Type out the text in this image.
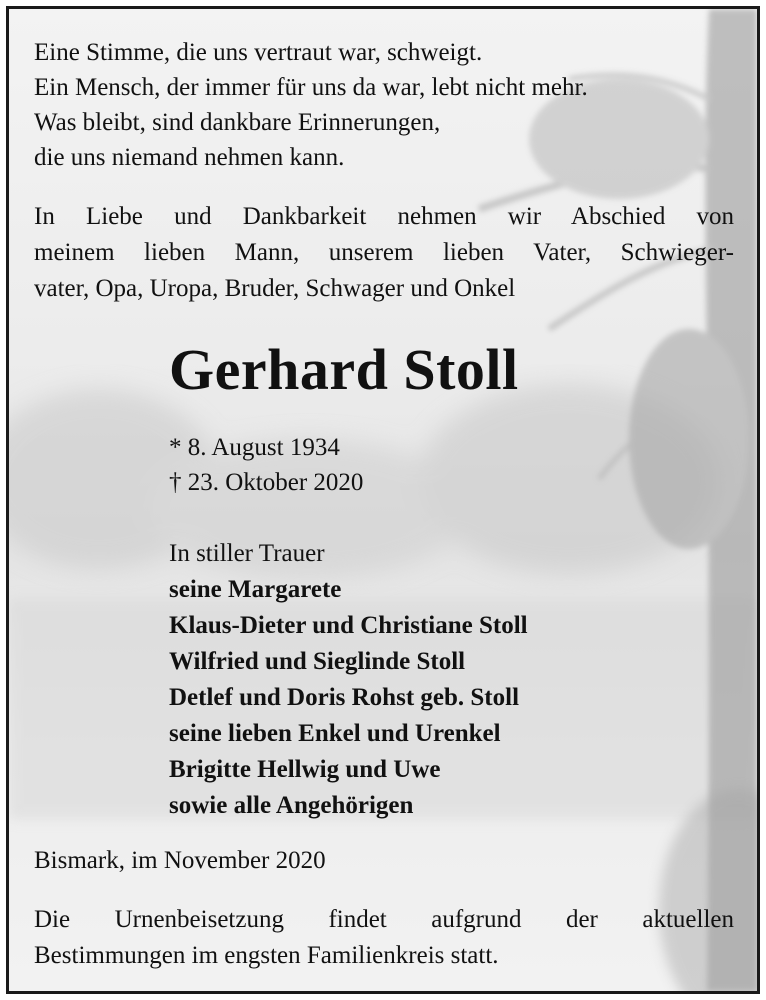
Eine Stimme, die uns vertraut war, schweigt.
Ein Mensch, der immer für uns da war, lebt nicht mehr.
Was bleibt, sind dankbare Erinnerungen,
die uns niemand nehmen kann.
In Liebe und Dankbarkeit nehmen wir Abschied von
meinem lieben Mann, unserem lieben Vater, Schwieger-
vater, Opa, Uropa, Bruder, Schwager und Onkel
Gerhard Stoll
* 8. August 1934
† 23. Oktober 2020
In stiller Trauer
seine Margarete
Klaus-Dieter und Christiane Stoll
Wilfried und Sieglinde Stoll
Detlef und Doris Rohst geb. Stoll
seine lieben Enkel und Urenkel
Brigitte Hellwig und Uwe
sowie alle Angehörigen
Bismark, im November 2020
Die Urnenbeisetzung findet aufgrund der aktuellen
Bestimmungen im engsten Familienkreis statt.
